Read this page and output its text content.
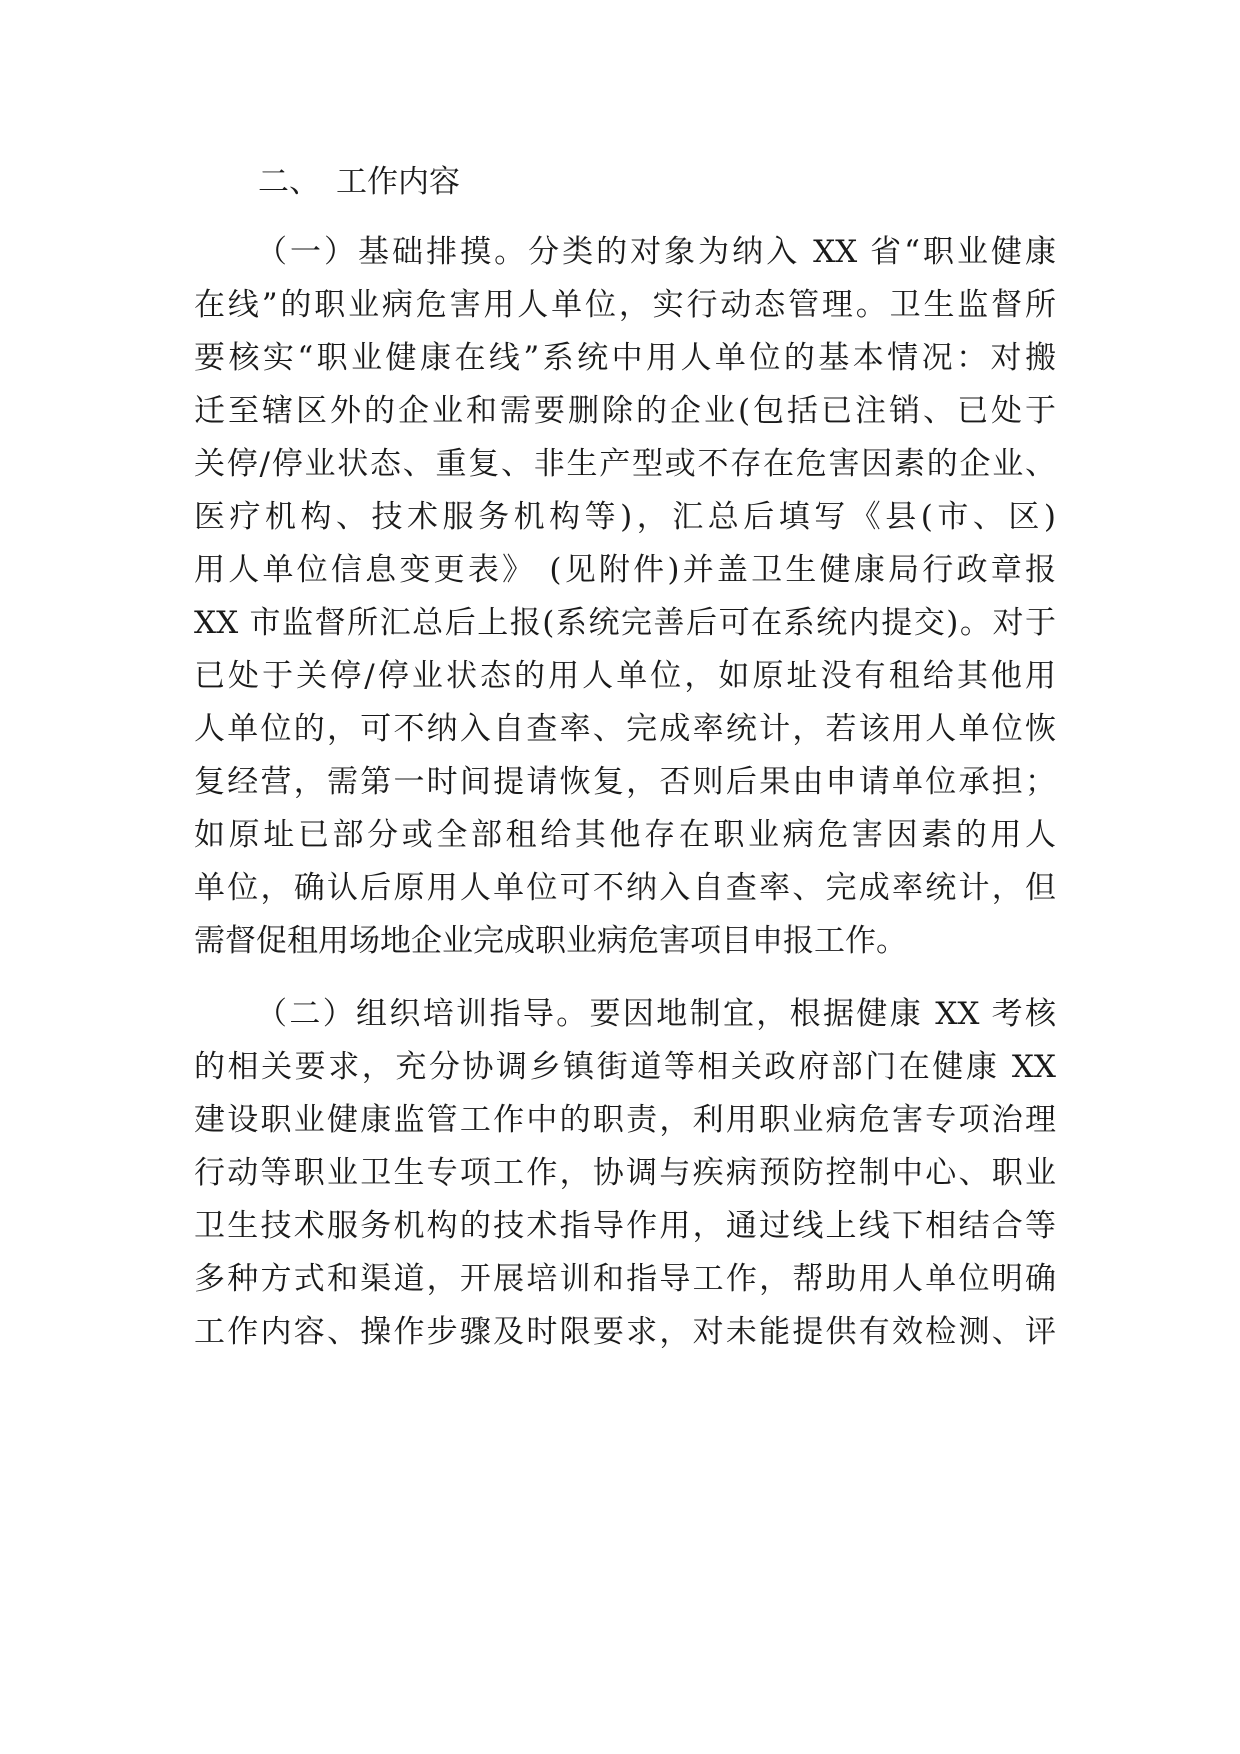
二、 工作内容
（一）基础排摸。分类的对象为纳入 XX 省“职业健康
在线”的职业病危害用人单位，实行动态管理。卫生监督所
要核实“职业健康在线”系统中用人单位的基本情况：对搬
迁至辖区外的企业和需要删除的企业(包括已注销、已处于
关停/停业状态、重复、非生产型或不存在危害因素的企业、
医疗机构、技术服务机构等)，汇总后填写《县(市、区)
用人单位信息变更表》 (见附件)并盖卫生健康局行政章报
XX 市监督所汇总后上报(系统完善后可在系统内提交)。对于
已处于关停/停业状态的用人单位，如原址没有租给其他用
人单位的，可不纳入自查率、完成率统计，若该用人单位恢
复经营，需第一时间提请恢复，否则后果由申请单位承担；
如原址已部分或全部租给其他存在职业病危害因素的用人
单位，确认后原用人单位可不纳入自查率、完成率统计，但
需督促租用场地企业完成职业病危害项目申报工作。
（二）组织培训指导。要因地制宜，根据健康 XX 考核
的相关要求，充分协调乡镇街道等相关政府部门在健康 XX
建设职业健康监管工作中的职责，利用职业病危害专项治理
行动等职业卫生专项工作，协调与疾病预防控制中心、职业
卫生技术服务机构的技术指导作用，通过线上线下相结合等
多种方式和渠道，开展培训和指导工作，帮助用人单位明确
工作内容、操作步骤及时限要求，对未能提供有效检测、评
